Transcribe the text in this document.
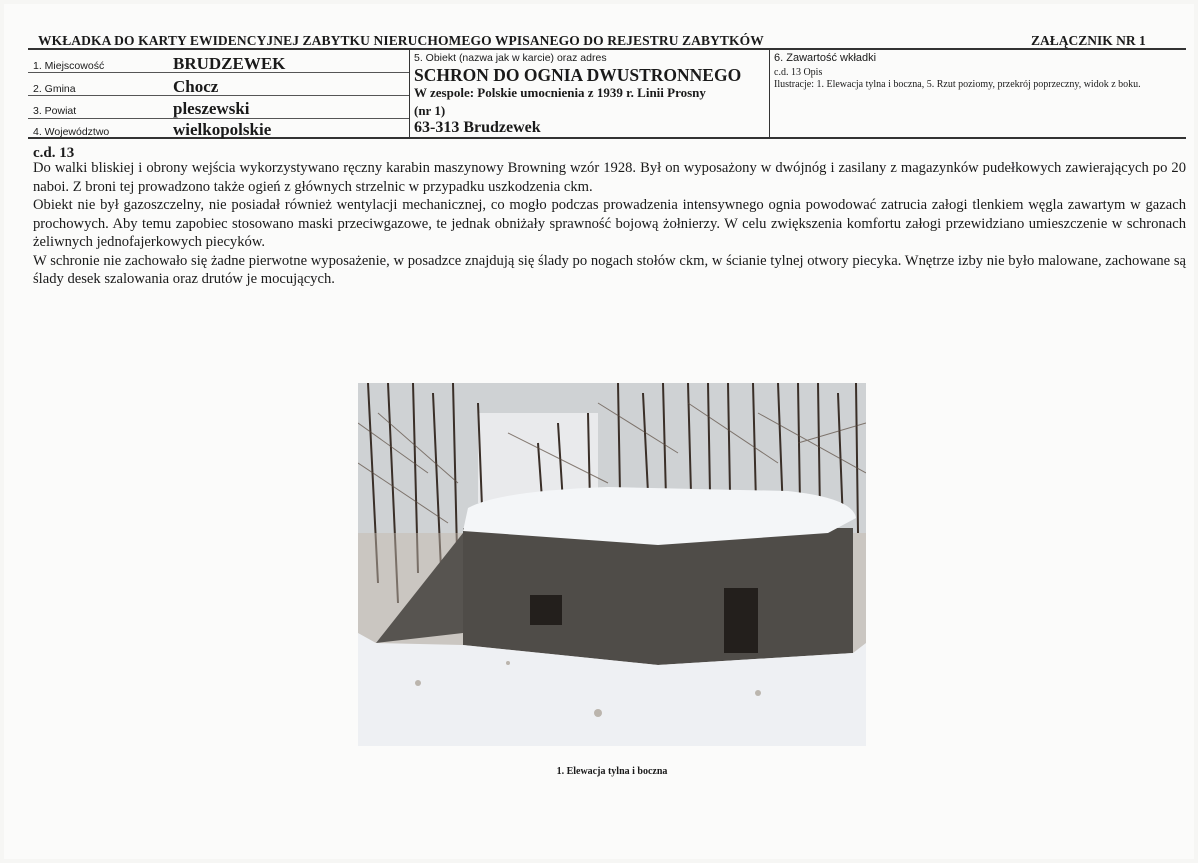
WKŁADKA DO KARTY EWIDENCYJNEJ ZABYTKU NIERUCHOMEGO WPISANEGO DO REJESTRU ZABYTKÓW	ZAŁĄCZNIK NR 1
1. Miejscowość	BRUDZEWEK
2. Gmina	Chocz
3. Powiat	pleszewski
4. Województwo	wielkopolskie
5. Obiekt (nazwa jak w karcie) oraz adres
SCHRON DO OGNIA DWUSTRONNEGO
W zespole: Polskie umocnienia z 1939 r. Linii Prosny
(nr 1)
63-313 Brudzewek
6. Zawartość wkładki
c.d. 13 Opis
Ilustracje: 1. Elewacja tylna i boczna, 5. Rzut poziomy, przekrój poprzeczny, widok z boku.
c.d. 13

Do walki bliskiej i obrony wejścia wykorzystywano ręczny karabin maszynowy Browning wzór 1928. Był on wyposażony w dwójnóg i zasilany z magazynków pudełkowych zawierających po 20 naboi. Z broni tej prowadzono także ogień z głównych strzelnic w przypadku uszkodzenia ckm.

Obiekt nie był gazoszczelny, nie posiadał również wentylacji mechanicznej, co mogło podczas prowadzenia intensywnego ognia powodować zatrucia załogi tlenkiem węgla zawartym w gazach prochowych. Aby temu zapobiec stosowano maski przeciwgazowe, te jednak obniżały sprawność bojową żołnierzy. W celu zwiększenia komfortu załogi przewidziano umieszczenie w schronach żeliwnych jednofajerkowych piecyków.

W schronie nie zachowało się żadne pierwotne wyposażenie, w posadzce znajdują się ślady po nogach stołów ckm, w ścianie tylnej otwory piecyka. Wnętrze izby nie było malowane, zachowane są ślady desek szalowania oraz drutów je mocujących.

1. Elewacja tylna i boczna
